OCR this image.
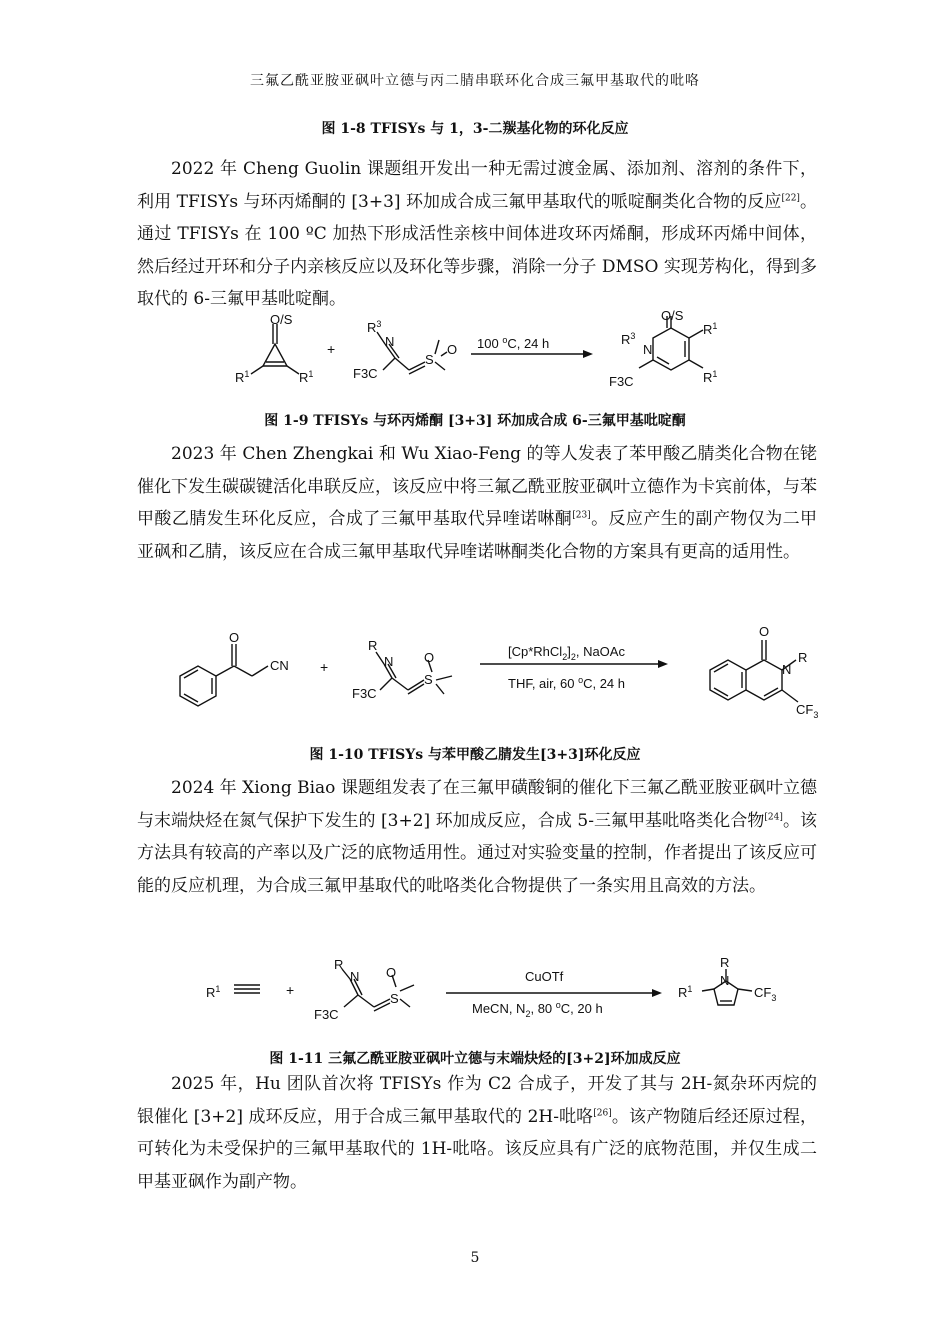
三氟乙酰亚胺亚砜叶立德与丙二腈串联环化合成三氟甲基取代的吡咯
图 1-8 TFISYs 与 1，3-二羰基化物的环化反应
2022 年 Cheng Guolin 课题组开发出一种无需过渡金属、添加剂、溶剂的条件下，利用 TFISYs 与环丙烯酮的 [3+3] 环加成合成三氟甲基取代的哌啶酮类化合物的反应[22]。通过 TFISYs 在 100 ºC 加热下形成活性亲核中间体进攻环丙烯酮，形成环丙烯中间体，然后经过开环和分子内亲核反应以及环化等步骤，消除一分子 DMSO 实现芳构化，得到多取代的 6-三氟甲基吡啶酮。
O/S
$R^1$	$R^1$
+
$R^3$
N
F3C
S
O 100 $^o$C, 24 h
O/S
$R^3$
N
$R^1$
$R^1$
F3C
图 1-9 TFISYs 与环丙烯酮 [3+3] 环加成合成 6-三氟甲基吡啶酮
2023 年 Chen Zhengkai 和 Wu Xiao-Feng 的等人发表了苯甲酸乙腈类化合物在铑催化下发生碳碳键活化串联反应，该反应中将三氟乙酰亚胺亚砜叶立德作为卡宾前体，与苯甲酸乙腈发生环化反应，合成了三氟甲基取代异喹诺啉酮[23]。反应产生的副产物仅为二甲亚砜和乙腈，该反应在合成三氟甲基取代异喹诺啉酮类化合物的方案具有更高的适用性。
O
CN +
R
N O
S
F3C
$[Cp*RhCl_2]_2$, NaOAc
THF, air, 60 $^o$C, 24 h
O
N
R
$CF_3$
图 1-10 TFISYs 与苯甲酸乙腈发生[3+3]环化反应
2024 年 Xiong Biao 课题组发表了在三氟甲磺酸铜的催化下三氟乙酰亚胺亚砜叶立德与末端炔烃在氮气保护下发生的 [3+2] 环加成反应，合成 5-三氟甲基吡咯类化合物[24]。该方法具有较高的产率以及广泛的底物适用性。通过对实验变量的控制，作者提出了该反应可能的反应机理，为合成三氟甲基取代的吡咯类化合物提供了一条实用且高效的方法。
$R^1$	+
R
N O
S
F3C
CuOTf
MeCN, $N_2$, 80 $^o$C, 20 h
R
N
$R^1$	$CF_3$
图 1-11 三氟乙酰亚胺亚砜叶立德与末端炔烃的[3+2]环加成反应
2025 年，Hu 团队首次将 TFISYs 作为 C2 合成子，开发了其与 2H-氮杂环丙烷的银催化 [3+2] 成环反应，用于合成三氟甲基取代的 2H-吡咯[26]。该产物随后经还原过程，可转化为未受保护的三氟甲基取代的 1H-吡咯。该反应具有广泛的底物范围，并仅生成二甲基亚砜作为副产物。
5
